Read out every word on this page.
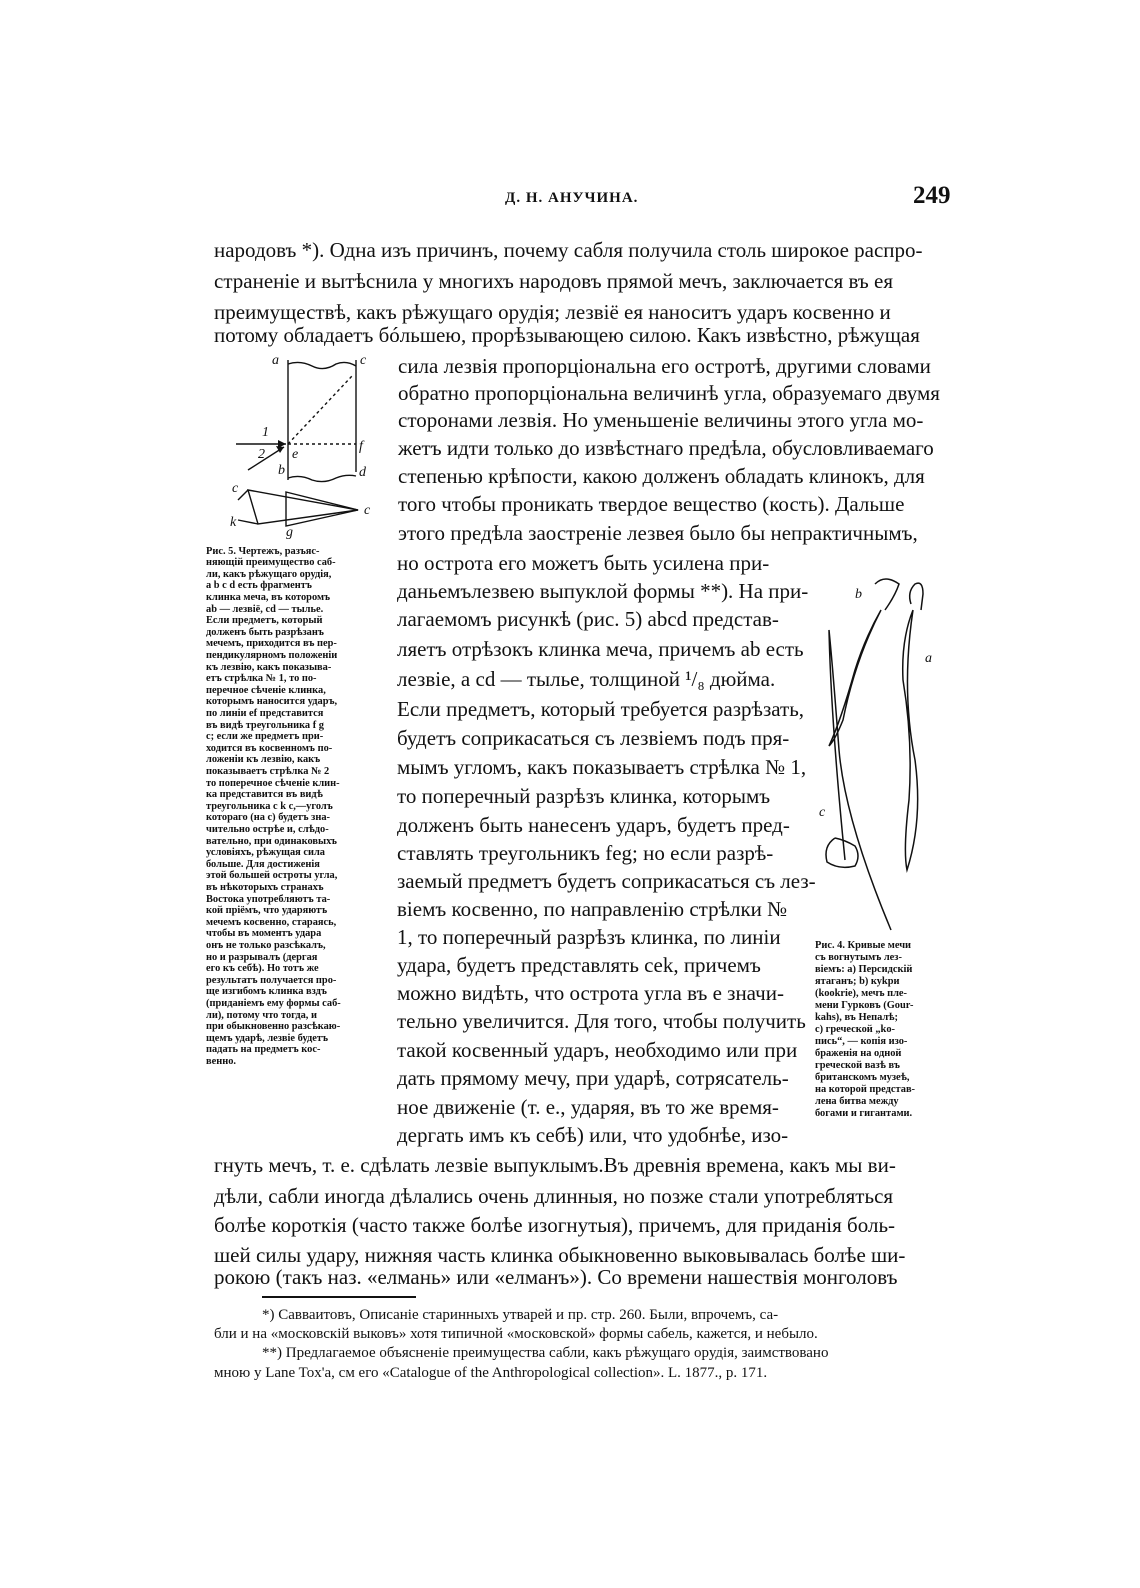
Д. Н. АНУЧИНА.	249
народовъ *). Одна изъ причинъ, почему сабля получила столь широкое распро-
страненіе и вытѣснила у многихъ народовъ прямой мечъ, заключается въ ея
преимуществѣ, какъ рѣжущаго орудія; лезвіё ея наноситъ ударъ косвенно и
потому обладаетъ бóльшею, прорѣзывающею силою. Какъ извѣстно, рѣжущая
сила лезвія пропорціональна его остротѣ, другими словами
обратно пропорціональна величинѣ угла, образуемаго двумя
сторонами лезвія. Но уменьшеніе величины этого угла мо-
жетъ идти только до извѣстнаго предѣла, обусловливаемаго
степенью крѣпости, какою долженъ обладать клинокъ, для
того чтобы проникать твердое вещество (кость). Дальше
этого предѣла заостреніе лезвея было бы непрактичнымъ,
но острота его можетъ быть усилена при-
даньемълезвею выпуклой формы **). На при-
лагаемомъ рисункѣ (рис. 5) abcd представ-
ляетъ отрѣзокъ клинка меча, причемъ ab есть
лезвіе, а cd — тылье, толщиной ¹/₈ дюйма.
Если предметъ, который требуется разрѣзать,
будетъ соприкасаться съ лезвіемъ подъ пря-
мымъ угломъ, какъ показываетъ стрѣлка № 1,
то поперечный разрѣзъ клинка, которымъ
долженъ быть нанесенъ ударъ, будетъ пред-
ставлять треугольникъ feg; но если разрѣ-
заемый предметъ будетъ соприкасаться съ лез-
віемъ косвенно, по направленію стрѣлки №
1, то поперечный разрѣзъ клинка, по линіи
удара, будетъ представлять cek, причемъ
можно видѣть, что острота угла въ e значи-
тельно увеличится. Для того, чтобы получить
такой косвенный ударъ, необходимо или при
дать прямому мечу, при ударѣ, сотрясатель-
ное движеніе (т. е., ударяя, въ то же время-
дергать имъ къ себѣ) или, что удобнѣе, изо-
гнуть мечъ, т. е. сдѣлать лезвіе выпуклымъ.Въ древнія времена, какъ мы ви-
дѣли, сабли иногда дѣлались очень длинныя, но позже стали употребляться
болѣе короткія (часто также болѣе изогнутыя), причемъ, для приданія боль-
шей силы удару, нижняя часть клинка обыкновенно выковывалась болѣе ши-
рокою (такъ наз. «елмань» или «елманъ»). Со времени нашествія монголовъ
a	c
1
2 e
f
b	d
c
c
k
g
Рис. 5. Чертежъ, разъяс-
няющій преимущество саб-
ли, какъ рѣжущаго орудія,
a b c d есть фрагментъ
клинка меча, въ которомъ
ab — лезвіё, cd — тылье.
Если предметъ, который
долженъ быть разрѣзанъ
мечемъ, приходится въ пер-
пендикулярномъ положеніи
къ лезвію, какъ показыва-
етъ стрѣлка № 1, то по-
перечное сѣченіе клинка,
которымъ наносится ударъ,
по линіи ef представится
въ видѣ треугольника f g
c; если же предметъ при-
ходится въ косвенномъ по-
ложеніи къ лезвію, какъ
показываетъ стрѣлка № 2
то поперечное сѣченіе клин-
ка представится въ видѣ
треугольника c k c,—уголъ
котораго (на c) будетъ зна-
чительно острѣе и, слѣдо-
вательно, при одинаковыхъ
условіяхъ, рѣжущая сила
больше. Для достиженія
этой большей остроты угла,
въ нѣкоторыхъ странахъ
Востока употребляютъ та-
кой пріёмъ, что ударяютъ
мечемъ косвенно, стараясь,
чтобы въ моментъ удара
онъ не только разсѣкалъ,
но и разрывалъ (дергая
его къ себѣ). Но тотъ же
результатъ получается про-
ще изгибомъ клинка вздъ
(приданіемъ ему формы саб-
ли), потому что тогда, и
при обыкновенно разсѣкаю-
щемъ ударѣ, лезвіе будетъ
падать на предметъ кос-
венно.
b
a
c
Рис. 4. Кривые мечи
съ вогнутымъ лез-
віемъ: a) Персидскій
ятаганъ; b) куkри
(kookrie), мечъ пле-
мени Гурковъ (Gour-
kahs), въ Непалѣ;
c) греческой „ko-
пись“, — копія изо-
браженія на одной
греческой вазѣ въ
британскомъ музеѣ,
на которой представ-
лена битва между
богами и гигантами.
*) Савваитовъ, Описаніе старинныхъ утварей и пр. стр. 260. Были, впрочемъ, са-
бли и на «московскій выковъ» хотя типичной «московской» формы сабель, кажется, и небыло.
**) Предлагаемое объясненіе преимущества сабли, какъ рѣжущаго орудія, заимствовано
мною у Lane Tox'a, см его «Catalogue of the Anthropological collection». L. 1877., р. 171.
